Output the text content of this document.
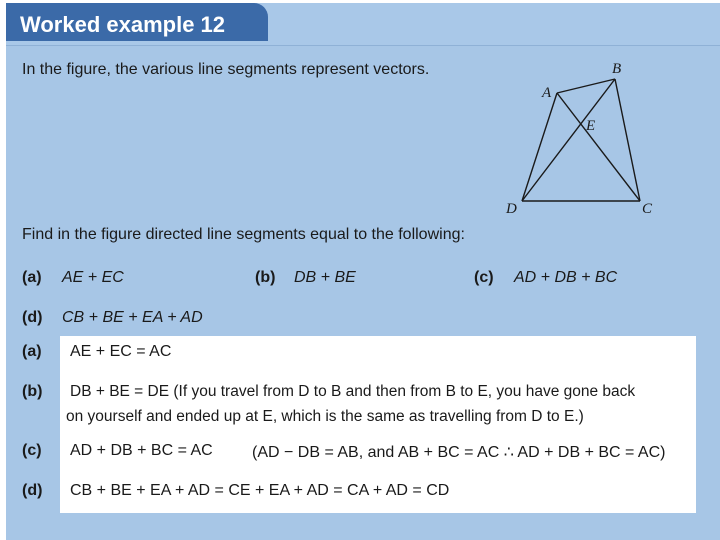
Worked example 12
In the figure, the various line segments represent vectors.
A
B
C
D
E
Find in the figure directed line segments equal to the following:
(a) AE + EC	(b) DB + BE	(c) AD + DB + BC
(d) CB + BE + EA + AD
(a) AE + EC = AC
(b) DB + BE = DE (If you travel from D to B and then from B to E, you have gone back
on yourself and ended up at E, which is the same as travelling from D to E.)
(c) AD + DB + BC = AC (AD − DB = AB, and AB + BC = AC ∴ AD + DB + BC = AC)
(d) CB + BE + EA + AD = CE + EA + AD = CA + AD = CD
